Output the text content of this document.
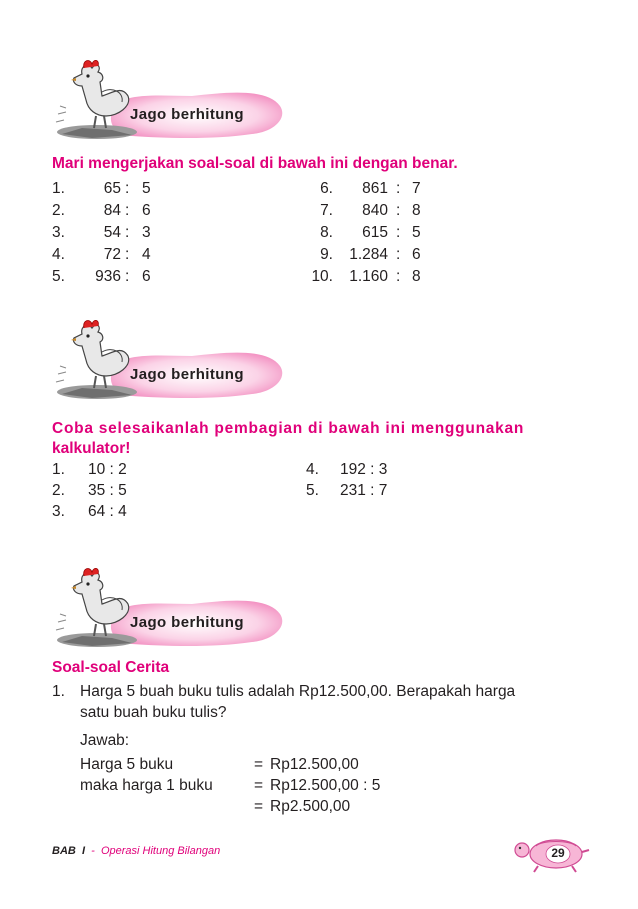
Jago berhitung
Mari mengerjakan soal-soal di bawah ini dengan benar.
1.	65 : 5
2.	84 : 6
3.	54 : 3
4.	72 : 4
5.	936 : 6
6.	861 : 7
7.	840 : 8
8.	615 : 5
9.	1.284 : 6
10.	1.160 : 8
Jago berhitung
Coba selesaikanlah pembagian di bawah ini menggunakan
kalkulator!
1. 10 : 2
2. 35 : 5
3. 64 : 4
4. 192 : 3
5. 231 : 7
Jago berhitung
Soal-soal Cerita
1. Harga 5 buah buku tulis adalah Rp12.500,00. Berapakah harga
satu buah buku tulis?
Jawab:
Harga 5 buku	= Rp12.500,00
maka harga 1 buku	= Rp12.500,00 : 5
= Rp2.500,00
BAB I - Operasi Hitung Bilangan	29
